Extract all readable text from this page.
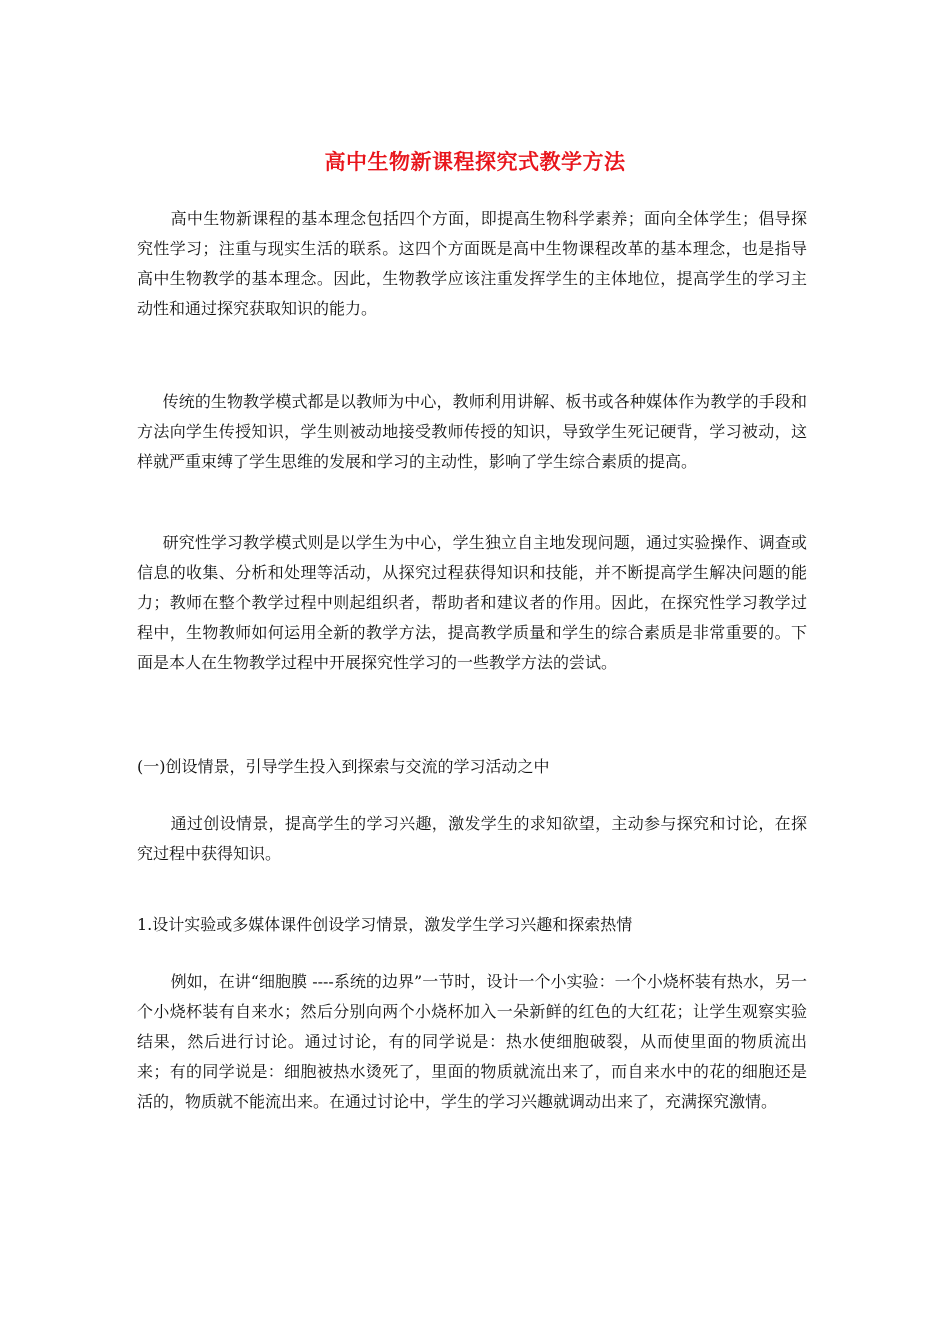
高中生物新课程探究式教学方法
高中生物新课程的基本理念包括四个方面，即提高生物科学素养；面向全体学生；倡导探究性学习；注重与现实生活的联系。这四个方面既是高中生物课程改革的基本理念，也是指导高中生物教学的基本理念。因此，生物教学应该注重发挥学生的主体地位，提高学生的学习主动性和通过探究获取知识的能力。
传统的生物教学模式都是以教师为中心，教师利用讲解、板书或各种媒体作为教学的手段和方法向学生传授知识，学生则被动地接受教师传授的知识，导致学生死记硬背，学习被动，这样就严重束缚了学生思维的发展和学习的主动性，影响了学生综合素质的提高。
研究性学习教学模式则是以学生为中心，学生独立自主地发现问题，通过实验操作、调查或信息的收集、分析和处理等活动，从探究过程获得知识和技能，并不断提高学生解决问题的能力；教师在整个教学过程中则起组织者，帮助者和建议者的作用。因此，在探究性学习教学过程中，生物教师如何运用全新的教学方法，提高教学质量和学生的综合素质是非常重要的。下面是本人在生物教学过程中开展探究性学习的一些教学方法的尝试。
(一)创设情景，引导学生投入到探索与交流的学习活动之中
通过创设情景，提高学生的学习兴趣，激发学生的求知欲望，主动参与探究和讨论，在探究过程中获得知识。
1.设计实验或多媒体课件创设学习情景，激发学生学习兴趣和探索热情
例如，在讲“细胞膜 ----系统的边界”一节时，设计一个小实验：一个小烧杯装有热水，另一个小烧杯装有自来水；然后分别向两个小烧杯加入一朵新鲜的红色的大红花；让学生观察实验结果，然后进行讨论。通过讨论，有的同学说是：热水使细胞破裂，从而使里面的物质流出来；有的同学说是：细胞被热水烫死了，里面的物质就流出来了，而自来水中的花的细胞还是活的，物质就不能流出来。在通过讨论中，学生的学习兴趣就调动出来了，充满探究激情。
